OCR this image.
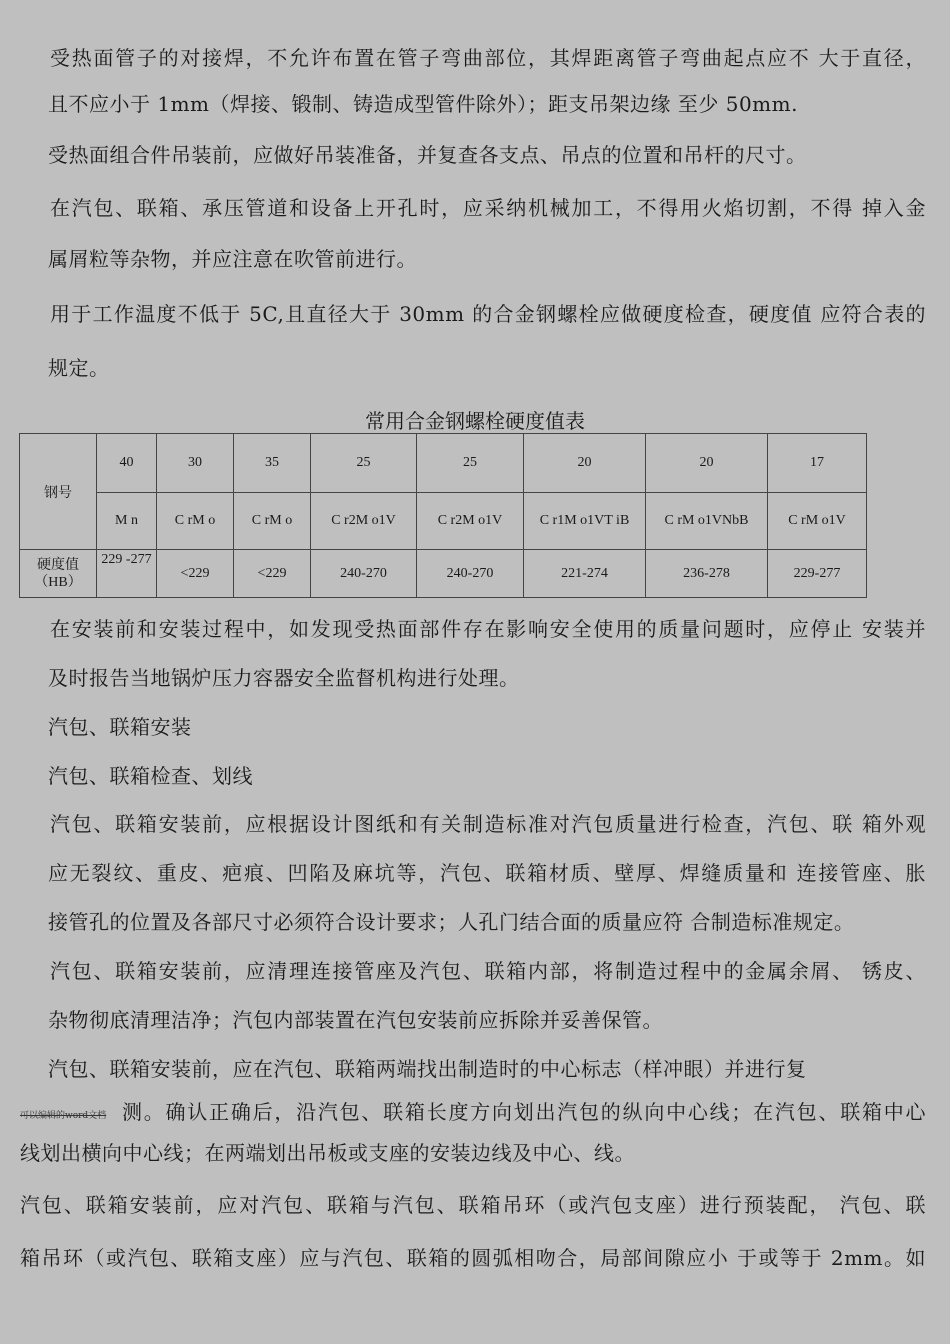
受热面管子的对接焊，不允许布置在管子弯曲部位，其焊距离管子弯曲起点应不 大于直径，
且不应小于 1mm（焊接、锻制、铸造成型管件除外）；距支吊架边缘 至少 50mm.
受热面组合件吊装前，应做好吊装准备，并复查各支点、吊点的位置和吊杆的尺寸。
在汽包、联箱、承压管道和设备上开孔时，应采纳机械加工，不得用火焰切割，不得 掉入金
属屑粒等杂物，并应注意在吹管前进行。
用于工作温度不低于 5C,且直径大于 30mm 的合金钢螺栓应做硬度检查，硬度值 应符合表的
规定。
常用合金钢螺栓硬度值表
钢号	40	30	35	25	25	20	20	17
	M n	C rM o	C rM o	C r2M o1V	C r2M o1V	C r1M o1VT iB	C rM o1VNbB	C rM o1V
硬度值
（HB）	229 -277	<229	<229	240-270	240-270	221-274	236-278	229-277
在安装前和安装过程中，如发现受热面部件存在影响安全使用的质量问题时，应停止 安装并
及时报告当地锅炉压力容器安全监督机构进行处理。
汽包、联箱安装
汽包、联箱检查、划线
汽包、联箱安装前，应根据设计图纸和有关制造标准对汽包质量进行检查，汽包、联 箱外观
应无裂纹、重皮、疤痕、凹陷及麻坑等，汽包、联箱材质、壁厚、焊缝质量和 连接管座、胀
接管孔的位置及各部尺寸必须符合设计要求；人孔门结合面的质量应符 合制造标准规定。
汽包、联箱安装前，应清理连接管座及汽包、联箱内部，将制造过程中的金属余屑、 锈皮、
杂物彻底清理洁净；汽包内部装置在汽包安装前应拆除并妥善保管。
汽包、联箱安装前，应在汽包、联箱两端找出制造时的中心标志（样冲眼）并进行复
可以编辑的word文档 测。确认正确后，沿汽包、联箱长度方向划出汽包的纵向中心线；在汽包、联箱中心
线划出横向中心线；在两端划出吊板或支座的安装边线及中心、线。
汽包、联箱安装前，应对汽包、联箱与汽包、联箱吊环（或汽包支座）进行预装配， 汽包、联
箱吊环（或汽包、联箱支座）应与汽包、联箱的圆弧相吻合，局部间隙应小 于或等于 2mm。如
